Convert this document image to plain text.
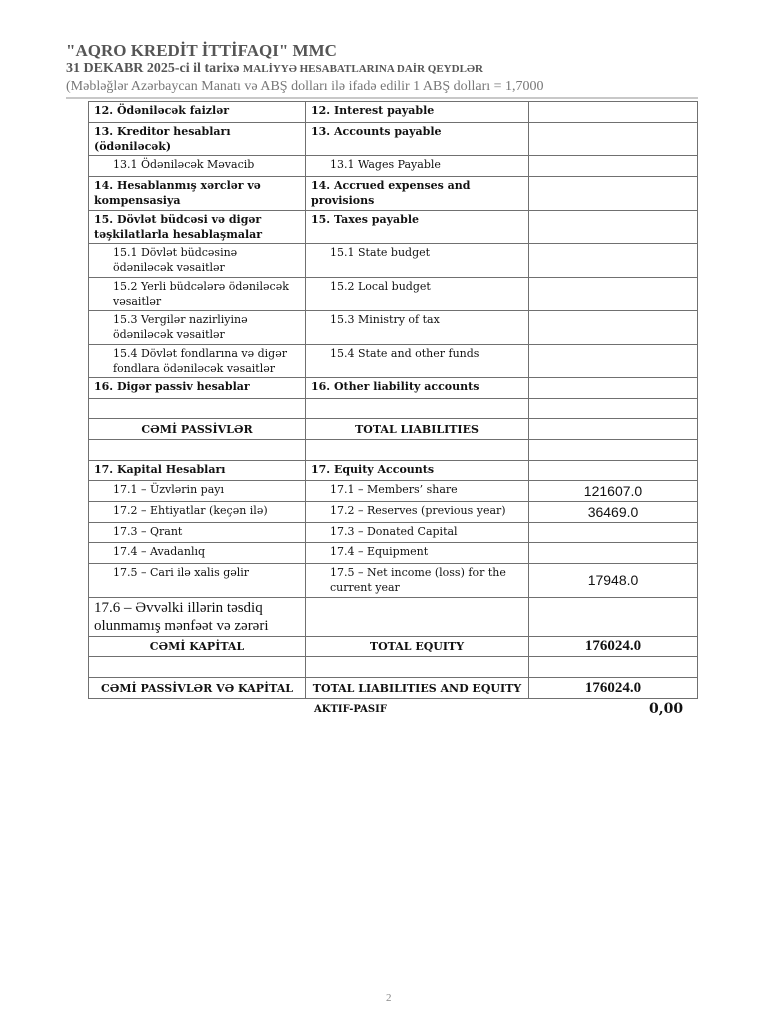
"AQRO KREDİT İTTİFAQI" MMC
31 DEKABR 2025-ci il tarixə MALİYYƏ HESABATLARINA DAİR QEYDLƏR
(Məbləğlər Azərbaycan Manatı və ABŞ dolları ilə ifadə edilir 1 ABŞ dolları = 1,7000
12. Ödəniləcək faizlər	12. Interest payable	
13. Kreditor hesabları (ödəniləcək)	13. Accounts payable	
13.1 Ödəniləcək Məvacib	13.1 Wages Payable	
14. Hesablanmış xərclər və kompensasiya	14. Accrued expenses and provisions	
15. Dövlət büdcəsi və digər təşkilatlarla hesablaşmalar	15. Taxes payable	
15.1 Dövlət büdcəsinə ödəniləcək vəsaitlər	15.1 State budget	
15.2 Yerli büdcələrə ödəniləcək vəsaitlər	15.2 Local budget	
15.3 Vergilər nazirliyinə ödəniləcək vəsaitlər	15.3 Ministry of tax	
15.4 Dövlət fondlarına və digər fondlara ödəniləcək vəsaitlər	15.4 State and other funds	
16. Digər passiv hesablar	16. Other liability accounts	

CƏMİ PASSİVLƏR	TOTAL LIABILITIES	

17. Kapital Hesabları	17. Equity Accounts	
17.1 – Üzvlərin payı	17.1 – Members’ share	121607.0
17.2 – Ehtiyatlar (keçən ilə)	17.2 – Reserves (previous year)	36469.0
17.3 – Qrant	17.3 – Donated Capital	
17.4 – Avadanlıq	17.4 – Equipment	
17.5 – Cari ilə xalis gəlir	17.5 – Net income (loss) for the current year	17948.0
17.6 – Əvvəlki illərin təsdiq olunmamış mənfəət və zərəri		
CƏMİ KAPİTAL	TOTAL EQUITY	176024.0

CƏMİ PASSİVLƏR VƏ KAPİTAL	TOTAL LIABILITIES AND EQUITY	176024.0
AKTIF-PASIF	0,00
2
